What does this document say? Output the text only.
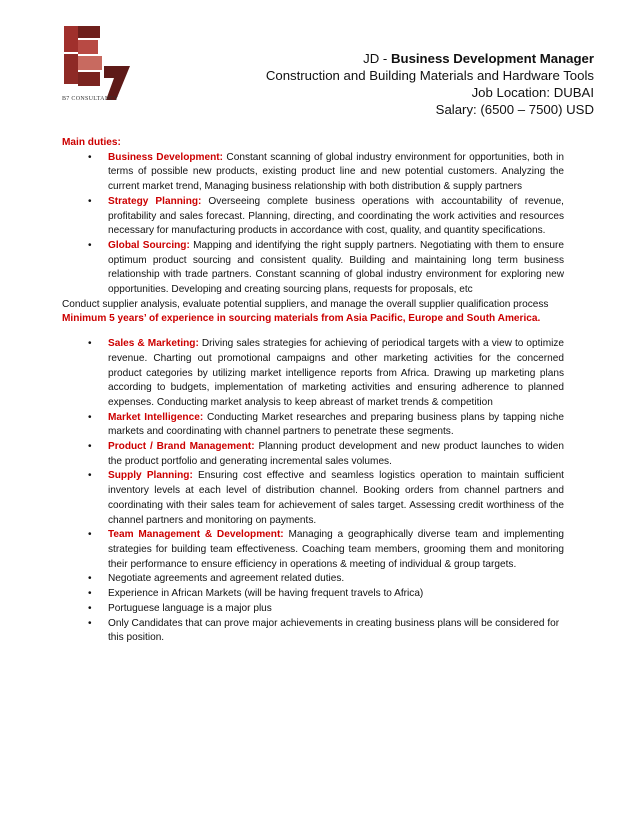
B7 CONSULTANCY
JD - Business Development Manager
Construction and Building Materials and Hardware Tools
Job Location: DUBAI
Salary: (6500 – 7500) USD

Main duties:

• Business Development: Constant scanning of global industry environment for opportunities, both in terms of possible new products, existing product line and new potential customers. Analyzing the current market trend, Managing business relationship with both distribution & supply partners
• Strategy Planning: Overseeing complete business operations with accountability of revenue, profitability and sales forecast. Planning, directing, and coordinating the work activities and resources necessary for manufacturing products in accordance with cost, quality, and quantity specifications.
• Global Sourcing: Mapping and identifying the right supply partners. Negotiating with them to ensure optimum product sourcing and consistent quality. Building and maintaining long term business relationship with trade partners. Constant scanning of global industry environment for exploring new opportunities. Developing and creating sourcing plans, requests for proposals, etc

Conduct supplier analysis, evaluate potential suppliers, and manage the overall supplier qualification process

Minimum 5 years’ of experience in sourcing materials from Asia Pacific, Europe and South America.

• Sales & Marketing: Driving sales strategies for achieving of periodical targets with a view to optimize revenue. Charting out promotional campaigns and other marketing activities for the concerned product categories by utilizing market intelligence reports from Africa. Drawing up marketing plans according to budgets, implementation of marketing activities and ensuring adherence to planned expenses. Conducting market analysis to keep abreast of market trends & competition
• Market Intelligence: Conducting Market researches and preparing business plans by tapping niche markets and coordinating with channel partners to penetrate these segments.
• Product / Brand Management: Planning product development and new product launches to widen the product portfolio and generating incremental sales volumes.
• Supply Planning: Ensuring cost effective and seamless logistics operation to maintain sufficient inventory levels at each level of distribution channel. Booking orders from channel partners and coordinating with their sales team for achievement of sales target. Assessing credit worthiness of the channel partners and monitoring on payments.
• Team Management & Development: Managing a geographically diverse team and implementing strategies for building team effectiveness. Coaching team members, grooming them and monitoring their performance to ensure efficiency in operations & meeting of individual & group targets.
• Negotiate agreements and agreement related duties.
• Experience in African Markets (will be having frequent travels to Africa)
• Portuguese language is a major plus
• Only Candidates that can prove major achievements in creating business plans will be considered for this position.
